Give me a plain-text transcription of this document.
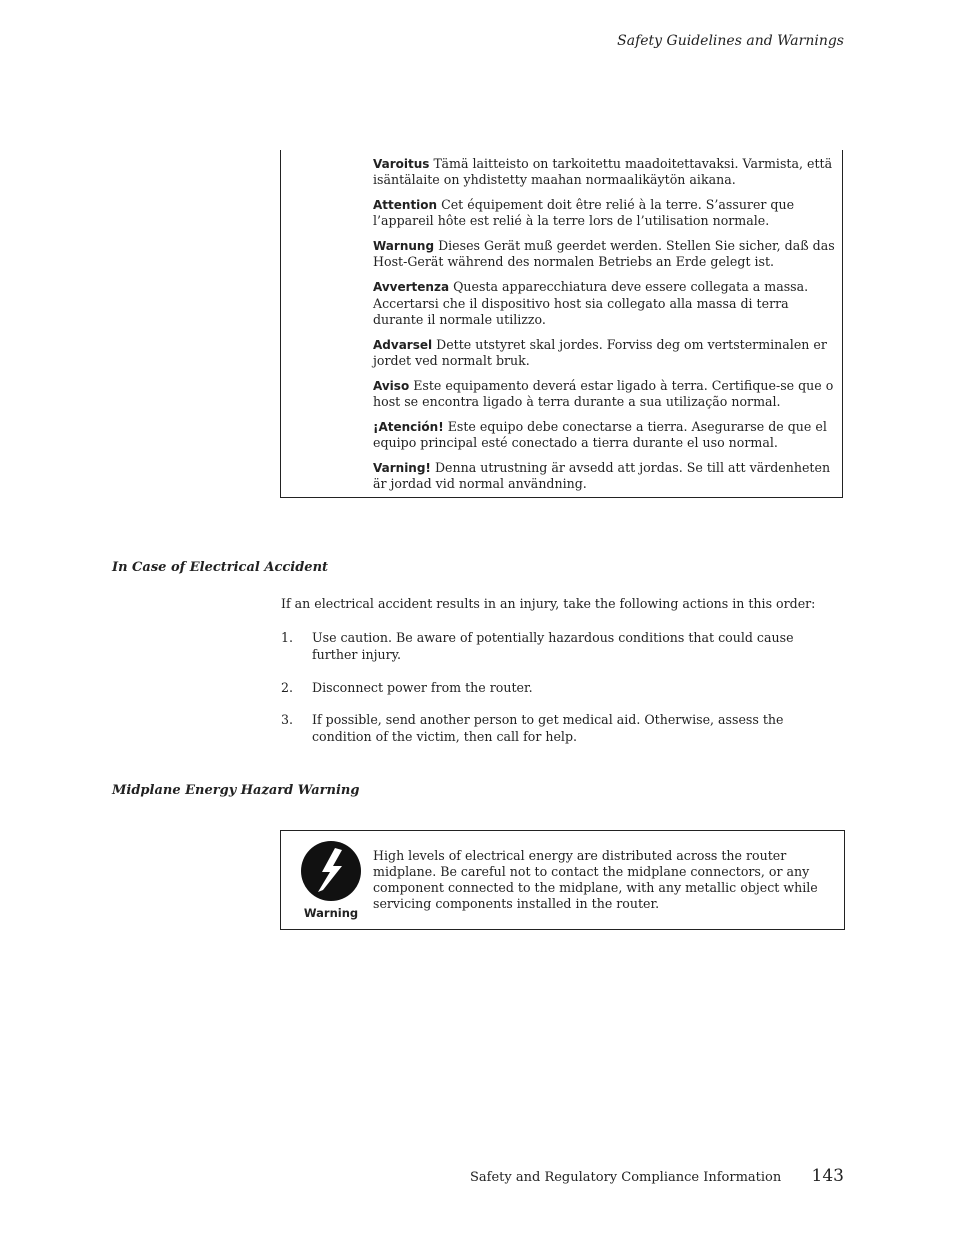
Safety Guidelines and Warnings

Varoitus Tämä laitteisto on tarkoitettu maadoitettavaksi. Varmista, että isäntälaite on yhdistetty maahan normaalikäytön aikana.

Attention Cet équipement doit être relié à la terre. S’assurer que l’appareil hôte est relié à la terre lors de l’utilisation normale.

Warnung Dieses Gerät muß geerdet werden. Stellen Sie sicher, daß das Host-Gerät während des normalen Betriebs an Erde gelegt ist.

Avvertenza Questa apparecchiatura deve essere collegata a massa. Accertarsi che il dispositivo host sia collegato alla massa di terra durante il normale utilizzo.

Advarsel Dette utstyret skal jordes. Forviss deg om vertsterminalen er jordet ved normalt bruk.

Aviso Este equipamento deverá estar ligado à terra. Certifique-se que o host se encontra ligado à terra durante a sua utilização normal.

¡Atención! Este equipo debe conectarse a tierra. Asegurarse de que el equipo principal esté conectado a tierra durante el uso normal.

Varning! Denna utrustning är avsedd att jordas. Se till att värdenheten är jordad vid normal användning.

In Case of Electrical Accident
If an electrical accident results in an injury, take the following actions in this order:
1. Use caution. Be aware of potentially hazardous conditions that could cause further injury.
2. Disconnect power from the router.
3. If possible, send another person to get medical aid. Otherwise, assess the condition of the victim, then call for help.
Midplane Energy Hazard Warning
Warning
High levels of electrical energy are distributed across the router midplane. Be careful not to contact the midplane connectors, or any component connected to the midplane, with any metallic object while servicing components installed in the router.
Safety and Regulatory Compliance Information 143
